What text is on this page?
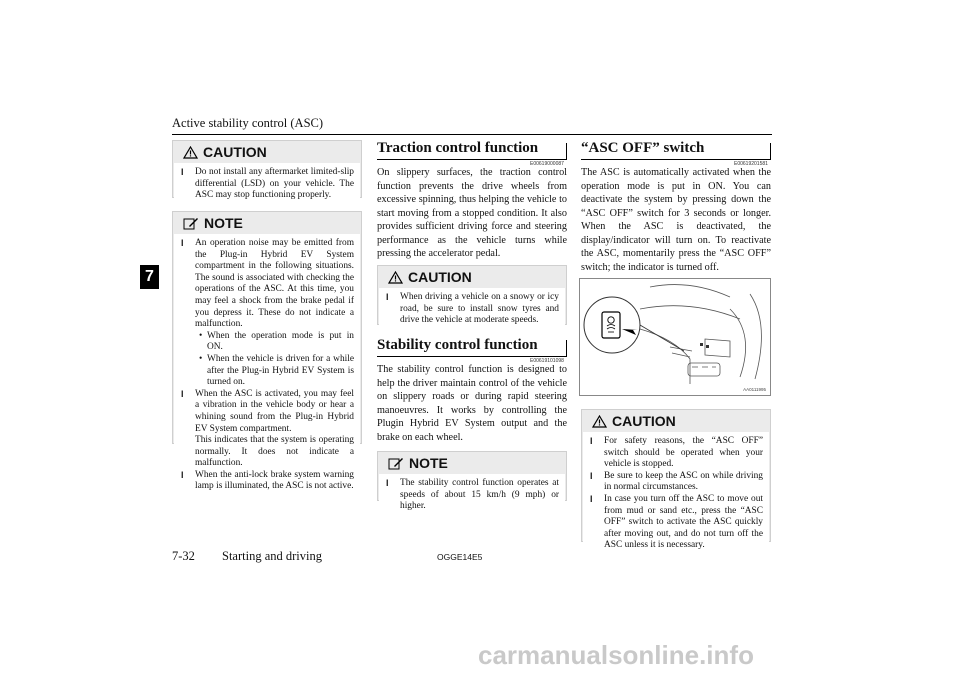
Active stability control (ASC)
7
CAUTION
l	Do not install any aftermarket limited-slip differential (LSD) on your vehicle. The ASC may stop functioning properly.
NOTE
l	An operation noise may be emitted from the Plug-in Hybrid EV System compartment in the following situations. The sound is associated with checking the operations of the ASC. At this time, you may feel a shock from the brake pedal if you depress it. These do not indicate a malfunction.
• When the operation mode is put in ON.
• When the vehicle is driven for a while after the Plug-in Hybrid EV System is turned on.
l	When the ASC is activated, you may feel a vibration in the vehicle body or hear a whining sound from the Plug-in Hybrid EV System compartment.
This indicates that the system is operating normally. It does not indicate a malfunction.
l	When the anti-lock brake system warning lamp is illuminated, the ASC is not active.
Traction control function
E00619000087
On slippery surfaces, the traction control function prevents the drive wheels from excessive spinning, thus helping the vehicle to start moving from a stopped condition. It also provides sufficient driving force and steering performance as the vehicle turns while pressing the accelerator pedal.
CAUTION
l	When driving a vehicle on a snowy or icy road, be sure to install snow tyres and drive the vehicle at moderate speeds.
Stability control function
E00619101098
The stability control function is designed to help the driver maintain control of the vehicle on slippery roads or during rapid steering manoeuvres. It works by controlling the Plugin Hybrid EV System output and the brake on each wheel.
NOTE
l	The stability control function operates at speeds of about 15 km/h (9 mph) or higher.
“ASC OFF” switch
E00619201581
The ASC is automatically activated when the operation mode is put in ON. You can deactivate the system by pressing down the “ASC OFF” switch for 3 seconds or longer. When the ASC is deactivated, the display/indicator will turn on. To reactivate the ASC, momentarily press the “ASC OFF” switch; the indicator is turned off.
AA0111995
CAUTION
l	For safety reasons, the “ASC OFF” switch should be operated when your vehicle is stopped.
l	Be sure to keep the ASC on while driving in normal circumstances.
l	In case you turn off the ASC to move out from mud or sand etc., press the “ASC OFF” switch to activate the ASC quickly after moving out, and do not turn off the ASC unless it is necessary.
7-32 Starting and driving	OGGE14E5
carmanualsonline.info
